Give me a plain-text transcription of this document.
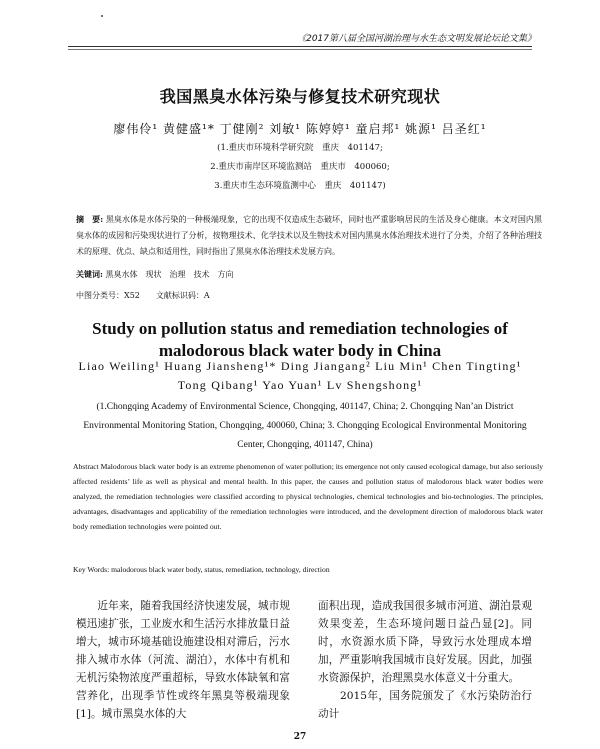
《2017第八届全国河湖治理与水生态文明发展论坛论文集》
我国黑臭水体污染与修复技术研究现状
廖伟伶¹ 黄健盛¹* 丁健刚² 刘敏¹ 陈婷婷¹ 童启邦¹ 姚源¹ 吕圣红¹
(1.重庆市环境科学研究院　重庆　401147;
2.重庆市南岸区环境监测站　重庆市　400060;
3.重庆市生态环境监测中心　重庆　401147)
摘　要: 黑臭水体是水体污染的一种极端现象，它的出现不仅造成生态破坏，同时也严重影响居民的生活及身心健康。本文对国内黑臭水体的成因和污染现状进行了分析，按物理技术、化学技术以及生物技术对国内黑臭水体治理技术进行了分类，介绍了各种治理技术的原理、优点、缺点和适用性，同时指出了黑臭水体治理技术发展方向。
关键词: 黑臭水体　现状　治理　技术　方向
中图分类号：X52　　文献标识码：A
Study on pollution status and remediation technologies of
malodorous black water body in China
Liao Weiling¹ Huang Jiansheng¹* Ding Jiangang² Liu Min¹ Chen Tingting¹
Tong Qibang¹ Yao Yuan¹ Lv Shengshong¹
(1.Chongqing Academy of Environmental Science, Chongqing, 401147, China; 2. Chongqing Nan’an District Environmental Monitoring Station, Chongqing, 400060, China; 3. Chongqing Ecological Environmental Monitoring Center, Chongqing, 401147, China)
Abstract Malodorous black water body is an extreme phenomenon of water pollution; its emergence not only caused ecological damage, but also seriously affected residents’ life as well as physical and mental health. In this paper, the causes and pollution status of malodorous black water bodies were analyzed, the remediation technologies were classified according to physical technologies, chemical technologies and bio-technologies. The principles, advantages, disadvantages and applicability of the remediation technologies were introduced, and the development direction of malodorous black water body remediation technologies were pointed out.
Key Words: malodorous black water body, status, remediation, technology, direction
　　近年来，随着我国经济快速发展，城市规模迅速扩张，工业废水和生活污水排放量日益增大，城市环境基础设施建设相对滞后，污水排入城市水体（河流、湖泊），水体中有机和无机污染物浓度严重超标，导致水体缺氧和富营养化，出现季节性或终年黑臭等极端现象[1]。城市黑臭水体的大
面积出现，造成我国很多城市河道、湖泊景观效果变差，生态环境问题日益凸显[2]。同时，水资源水质下降，导致污水处理成本增加，严重影响我国城市良好发展。因此，加强水资源保护，治理黑臭水体意义十分重大。
　　2015年，国务院颁发了《水污染防治行动计
27
